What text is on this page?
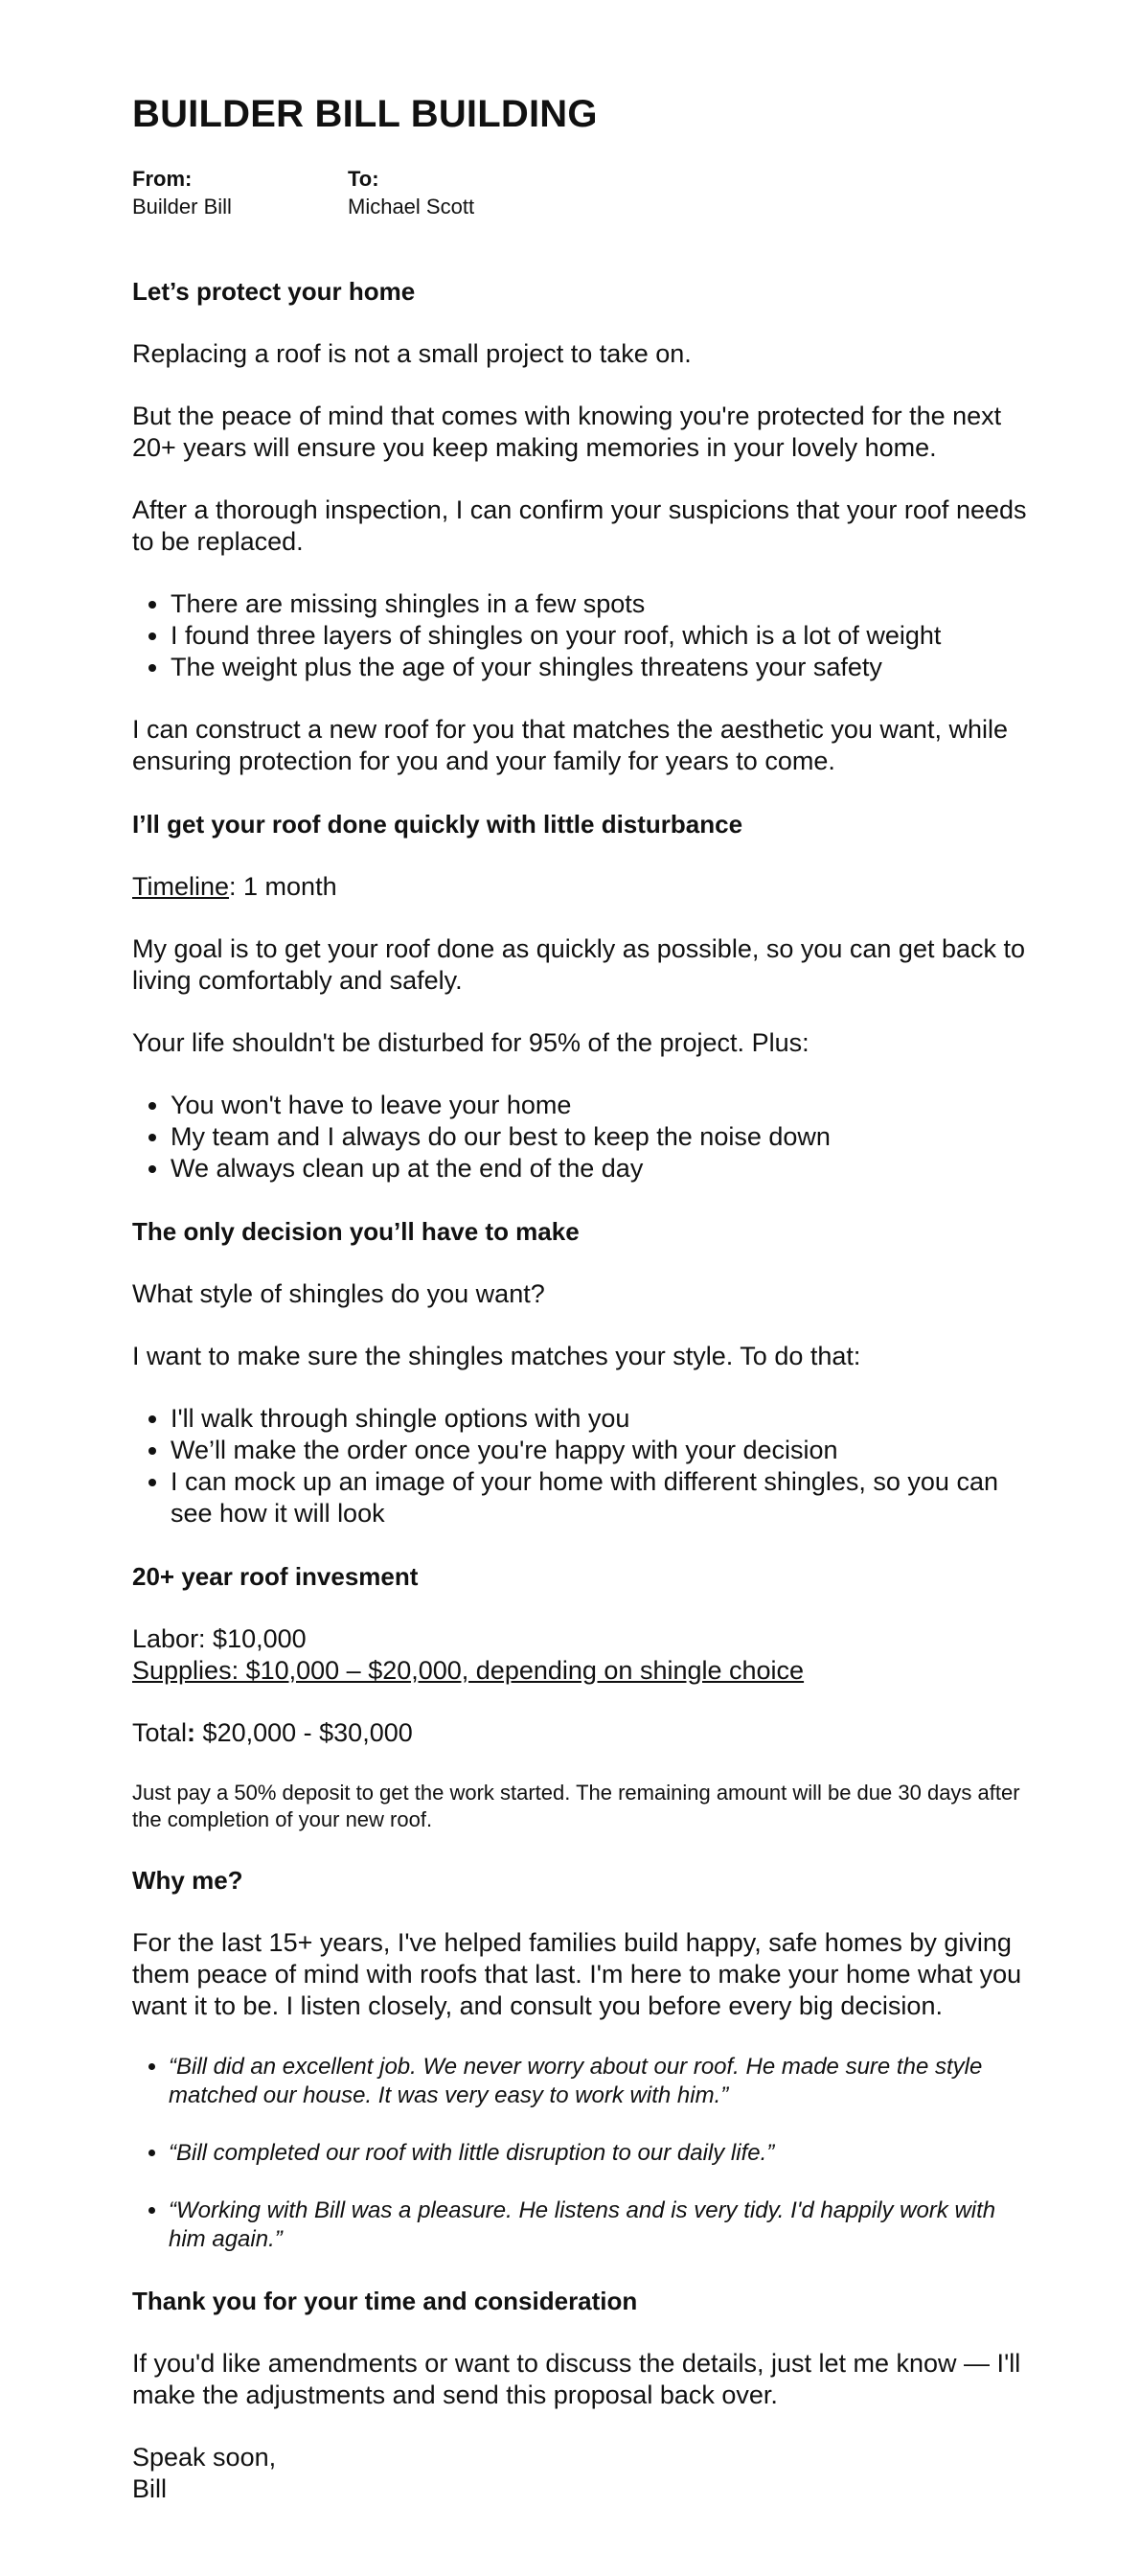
BUILDER BILL BUILDING
From:
Builder Bill
To:
Michael Scott
Let’s protect your home

Replacing a roof is not a small project to take on.

But the peace of mind that comes with knowing you're protected for the next 20+ years will ensure you keep making memories in your lovely home.

After a thorough inspection, I can confirm your suspicions that your roof needs to be replaced.

• There are missing shingles in a few spots
• I found three layers of shingles on your roof, which is a lot of weight
• The weight plus the age of your shingles threatens your safety

I can construct a new roof for you that matches the aesthetic you want, while ensuring protection for you and your family for years to come.

I’ll get your roof done quickly with little disturbance

Timeline: 1 month

My goal is to get your roof done as quickly as possible, so you can get back to living comfortably and safely.

Your life shouldn't be disturbed for 95% of the project. Plus:

• You won't have to leave your home
• My team and I always do our best to keep the noise down
• We always clean up at the end of the day
The only decision you’ll have to make

What style of shingles do you want?

I want to make sure the shingles matches your style. To do that:

• I'll walk through shingle options with you
• We’ll make the order once you're happy with your decision
• I can mock up an image of your home with different shingles, so you can see how it will look
20+ year roof invesment

Labor: $10,000

Supplies: $10,000 – $20,000, depending on shingle choice

Total: $20,000 - $30,000

Just pay a 50% deposit to get the work started. The remaining amount will be due 30 days after the completion of your new roof.

Why me?

For the last 15+ years, I've helped families build happy, safe homes by giving them peace of mind with roofs that last. I'm here to make your home what you want it to be. I listen closely, and consult you before every big decision.

• “Bill did an excellent job. We never worry about our roof. He made sure the style matched our house. It was very easy to work with him.”
• “Bill completed our roof with little disruption to our daily life.”
• “Working with Bill was a pleasure. He listens and is very tidy. I'd happily work with him again.”
Thank you for your time and consideration

If you'd like amendments or want to discuss the details, just let me know — I'll make the adjustments and send this proposal back over.

Speak soon,

Bill
